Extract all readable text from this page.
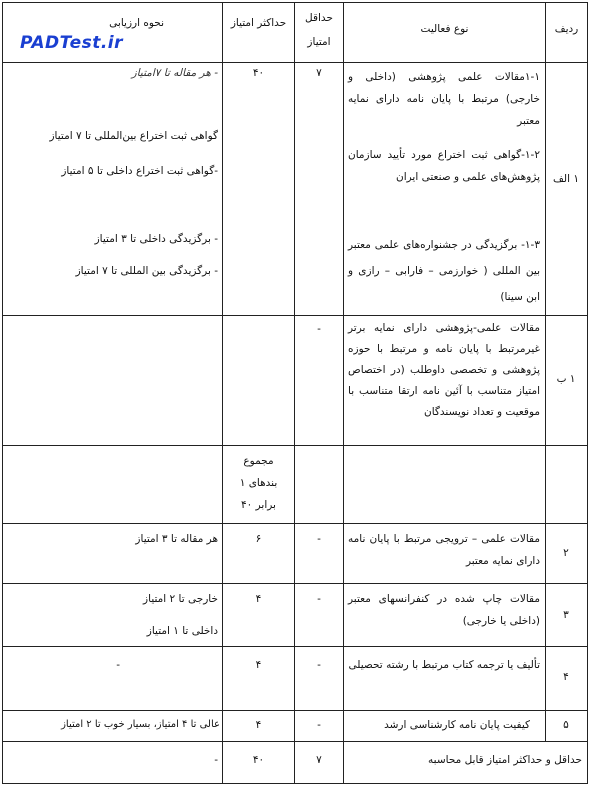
PADTest.ir
ردیف
نوع فعالیت
حداقل امتیاز
حداکثر امتیاز
نحوه ارزیابی
۱ الف
۱-۱مقالات علمی پژوهشی (داخلی و خارجی) مرتبط با پایان نامه دارای نمایه معتبر
۱-۲-گواهی ثبت اختراع مورد تأیید سازمان پژوهش‌های علمی و صنعتی ایران
۱-۳- برگزیدگی در جشنواره‌های علمی معتبر بین المللی ( خوارزمی – فارابی – رازی و ابن سینا)
۷
۴۰
- هر مقاله تا ۷امتیاز
گواهی ثبت اختراع بین‌المللی تا ۷ امتیاز
-گواهی ثبت اختراع داخلی تا ۵ امتیاز
- برگزیدگی داخلی تا ۳ امتیاز
- برگزیدگی بین المللی تا ۷ امتیاز
۱ ب
مقالات علمی-پژوهشی دارای نمایه برتر غیرمرتبط با پایان نامه و مرتبط با حوزه پژوهشی و تخصصی داوطلب (در اختصاص امتیاز متناسب با آئین نامه ارتقا متناسب با موقعیت و تعداد نویسندگان
-
مجموع بندهای ۱ برابر ۴۰
۲
مقالات علمی – ترویجی مرتبط با پایان نامه دارای نمایه معتبر
-
۶
هر مقاله تا ۳ امتیاز
۳
مقالات چاپ شده در کنفرانسهای معتبر (داخلی یا خارجی)
-
۴
خارجی تا ۲ امتیاز
داخلی تا ۱ امتیاز
۴
تألیف یا ترجمه کتاب مرتبط با رشته تحصیلی
-
۴
-
۵
کیفیت پایان نامه کارشناسی ارشد
-
۴
عالی تا ۴ امتیاز، بسیار خوب تا ۲ امتیاز
حداقل و حداکثر امتیاز قابل محاسبه
۷
۴۰
-
